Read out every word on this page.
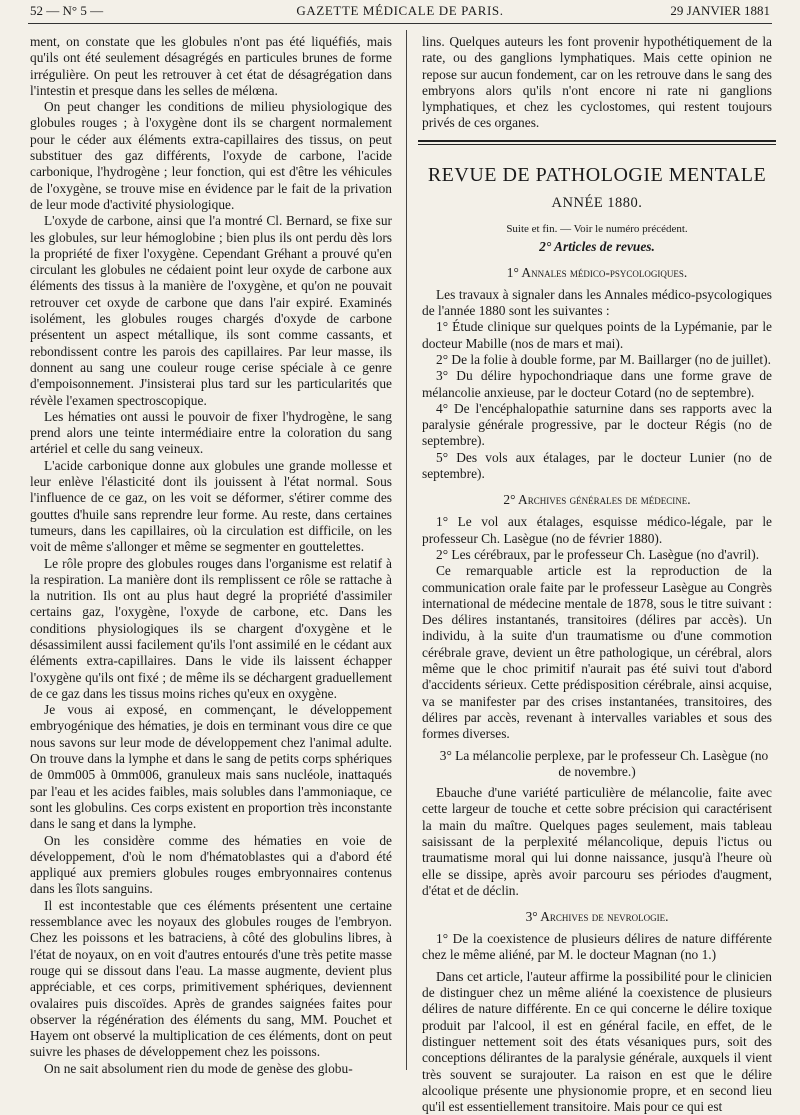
52 — N° 5 —	GAZETTE MÉDICALE DE PARIS.	29 JANVIER 1881

ment, on constate que les globules n'ont pas été liquéfiés, mais qu'ils ont été seulement désagrégés en particules brunes de forme irrégulière. On peut les retrouver à cet état de désagrégation dans l'intestin et presque dans les selles de mélœna.

On peut changer les conditions de milieu physiologique des globules rouges ; à l'oxygène dont ils se chargent normalement pour le céder aux éléments extra-capillaires des tissus, on peut substituer des gaz différents, l'oxyde de carbone, l'acide carbonique, l'hydrogène ; leur fonction, qui est d'être les véhicules de l'oxygène, se trouve mise en évidence par le fait de la privation de leur mode d'activité physiologique.

L'oxyde de carbone, ainsi que l'a montré Cl. Bernard, se fixe sur les globules, sur leur hémoglobine ; bien plus ils ont perdu dès lors la propriété de fixer l'oxygène. Cependant Gréhant a prouvé qu'en circulant les globules ne cédaient point leur oxyde de carbone aux éléments des tissus à la manière de l'oxygène, et qu'on ne pouvait retrouver cet oxyde de carbone que dans l'air expiré. Examinés isolément, les globules rouges chargés d'oxyde de carbone présentent un aspect métallique, ils sont comme cassants, et rebondissent contre les parois des capillaires. Par leur masse, ils donnent au sang une couleur rouge cerise spéciale à ce genre d'empoisonnement. J'insisterai plus tard sur les particularités que révèle l'examen spectroscopique.

Les hématies ont aussi le pouvoir de fixer l'hydrogène, le sang prend alors une teinte intermédiaire entre la coloration du sang artériel et celle du sang veineux.

L'acide carbonique donne aux globules une grande mollesse et leur enlève l'élasticité dont ils jouissent à l'état normal. Sous l'influence de ce gaz, on les voit se déformer, s'étirer comme des gouttes d'huile sans reprendre leur forme. Au reste, dans certaines tumeurs, dans les capillaires, où la circulation est difficile, on les voit de même s'allonger et même se segmenter en gouttelettes.

Le rôle propre des globules rouges dans l'organisme est relatif à la respiration. La manière dont ils remplissent ce rôle se rattache à la nutrition. Ils ont au plus haut degré la propriété d'assimiler certains gaz, l'oxygène, l'oxyde de carbone, etc. Dans les conditions physiologiques ils se chargent d'oxygène et le désassimilent aussi facilement qu'ils l'ont assimilé en le cédant aux éléments extra-capillaires. Dans le vide ils laissent échapper l'oxygène qu'ils ont fixé ; de même ils se déchargent graduellement de ce gaz dans les tissus moins riches qu'eux en oxygène.

Je vous ai exposé, en commençant, le développement embryogénique des hématies, je dois en terminant vous dire ce que nous savons sur leur mode de développement chez l'animal adulte. On trouve dans la lymphe et dans le sang de petits corps sphériques de 0mm005 à 0mm006, granuleux mais sans nucléole, inattaqués par l'eau et les acides faibles, mais solubles dans l'ammoniaque, ce sont les globulins. Ces corps existent en proportion très inconstante dans le sang et dans la lymphe.

On les considère comme des hématies en voie de développement, d'où le nom d'hématoblastes qui a d'abord été appliqué aux premiers globules rouges embryonnaires contenus dans les îlots sanguins.

Il est incontestable que ces éléments présentent une certaine ressemblance avec les noyaux des globules rouges de l'embryon. Chez les poissons et les batraciens, à côté des globulins libres, à l'état de noyaux, on en voit d'autres entourés d'une très petite masse rouge qui se dissout dans l'eau. La masse augmente, devient plus appréciable, et ces corps, primitivement sphériques, deviennent ovalaires puis discoïdes. Après de grandes saignées faites pour observer la régénération des éléments du sang, MM. Pouchet et Hayem ont observé la multiplication de ces éléments, dont on peut suivre les phases de développement chez les poissons.

On ne sait absolument rien du mode de genèse des globu-

lins. Quelques auteurs les font provenir hypothétiquement de la rate, ou des ganglions lymphatiques. Mais cette opinion ne repose sur aucun fondement, car on les retrouve dans le sang des embryons alors qu'ils n'ont encore ni rate ni ganglions lymphatiques, et chez les cyclostomes, qui restent toujours privés de ces organes.

REVUE DE PATHOLOGIE MENTALE
ANNÉE 1880.
Suite et fin. — Voir le numéro précédent.
2° Articles de revues.
1° Annales médico-psycologiques.

Les travaux à signaler dans les Annales médico-psycologiques de l'année 1880 sont les suivantes :

1° Étude clinique sur quelques points de la Lypémanie, par le docteur Mabille (nos de mars et mai).

2° De la folie à double forme, par M. Baillarger (no de juillet).

3° Du délire hypochondriaque dans une forme grave de mélancolie anxieuse, par le docteur Cotard (no de septembre).

4° De l'encéphalopathie saturnine dans ses rapports avec la paralysie générale progressive, par le docteur Régis (no de septembre).

5° Des vols aux étalages, par le docteur Lunier (no de septembre).

2° Archives générales de médecine.

1° Le vol aux étalages, esquisse médico-légale, par le professeur Ch. Lasègue (no de février 1880).

2° Les cérébraux, par le professeur Ch. Lasègue (no d'avril).

Ce remarquable article est la reproduction de la communication orale faite par le professeur Lasègue au Congrès international de médecine mentale de 1878, sous le titre suivant : Des délires instantanés, transitoires (délires par accès). Un individu, à la suite d'un traumatisme ou d'une commotion cérébrale grave, devient un être pathologique, un cérébral, alors même que le choc primitif n'aurait pas été suivi tout d'abord d'accidents sérieux. Cette prédisposition cérébrale, ainsi acquise, va se manifester par des crises instantanées, transitoires, des délires par accès, revenant à intervalles variables et sous des formes diverses.

3° La mélancolie perplexe, par le professeur Ch. Lasègue (no de novembre.)

Ebauche d'une variété particulière de mélancolie, faite avec cette largeur de touche et cette sobre précision qui caractérisent la main du maître. Quelques pages seulement, mais tableau saisissant de la perplexité mélancolique, depuis l'ictus ou traumatisme moral qui lui donne naissance, jusqu'à l'heure où elle se dissipe, après avoir parcouru ses périodes d'augment, d'état et de déclin.

3° Archives de nevrologie.

1° De la coexistence de plusieurs délires de nature différente chez le même aliéné, par M. le docteur Magnan (no 1.)

Dans cet article, l'auteur affirme la possibilité pour le clinicien de distinguer chez un même aliéné la coexistence de plusieurs délires de nature différente. En ce qui concerne le délire toxique produit par l'alcool, il est en général facile, en effet, de le distinguer nettement soit des états vésaniques purs, soit des conceptions délirantes de la paralysie générale, auxquels il vient très souvent se surajouter. La raison en est que le délire alcoolique présente une physionomie propre, et en second lieu qu'il est essentiellement transitoire. Mais pour ce qui est
